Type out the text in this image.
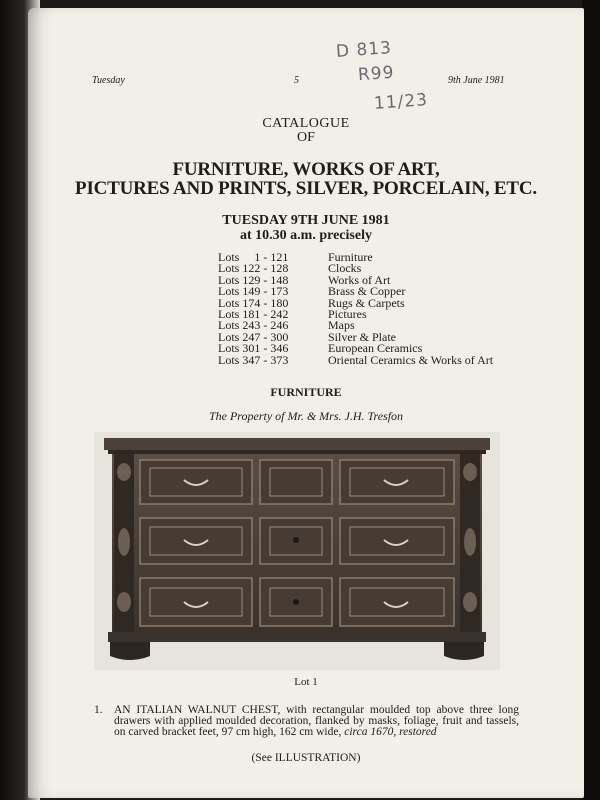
Tuesday	5	9th June 1981
D 813
R99
11/23
CATALOGUE
OF
FURNITURE, WORKS OF ART,
PICTURES AND PRINTS, SILVER, PORCELAIN, ETC.
TUESDAY 9TH JUNE 1981
at 10.30 a.m. precisely
Lots     1 - 121	Furniture
Lots 122 - 128	Clocks
Lots 129 - 148	Works of Art
Lots 149 - 173	Brass & Copper
Lots 174 - 180	Rugs & Carpets
Lots 181 - 242	Pictures
Lots 243 - 246	Maps
Lots 247 - 300	Silver & Plate
Lots 301 - 346	European Ceramics
Lots 347 - 373	Oriental Ceramics & Works of Art
FURNITURE
The Property of Mr. & Mrs. J.H. Tresfon
Lot 1
1. AN ITALIAN WALNUT CHEST, with rectangular moulded top above three long drawers with applied moulded decoration, flanked by masks, foliage, fruit and tassels, on carved bracket feet, 97 cm high, 162 cm wide, circa 1670, restored
(See ILLUSTRATION)
